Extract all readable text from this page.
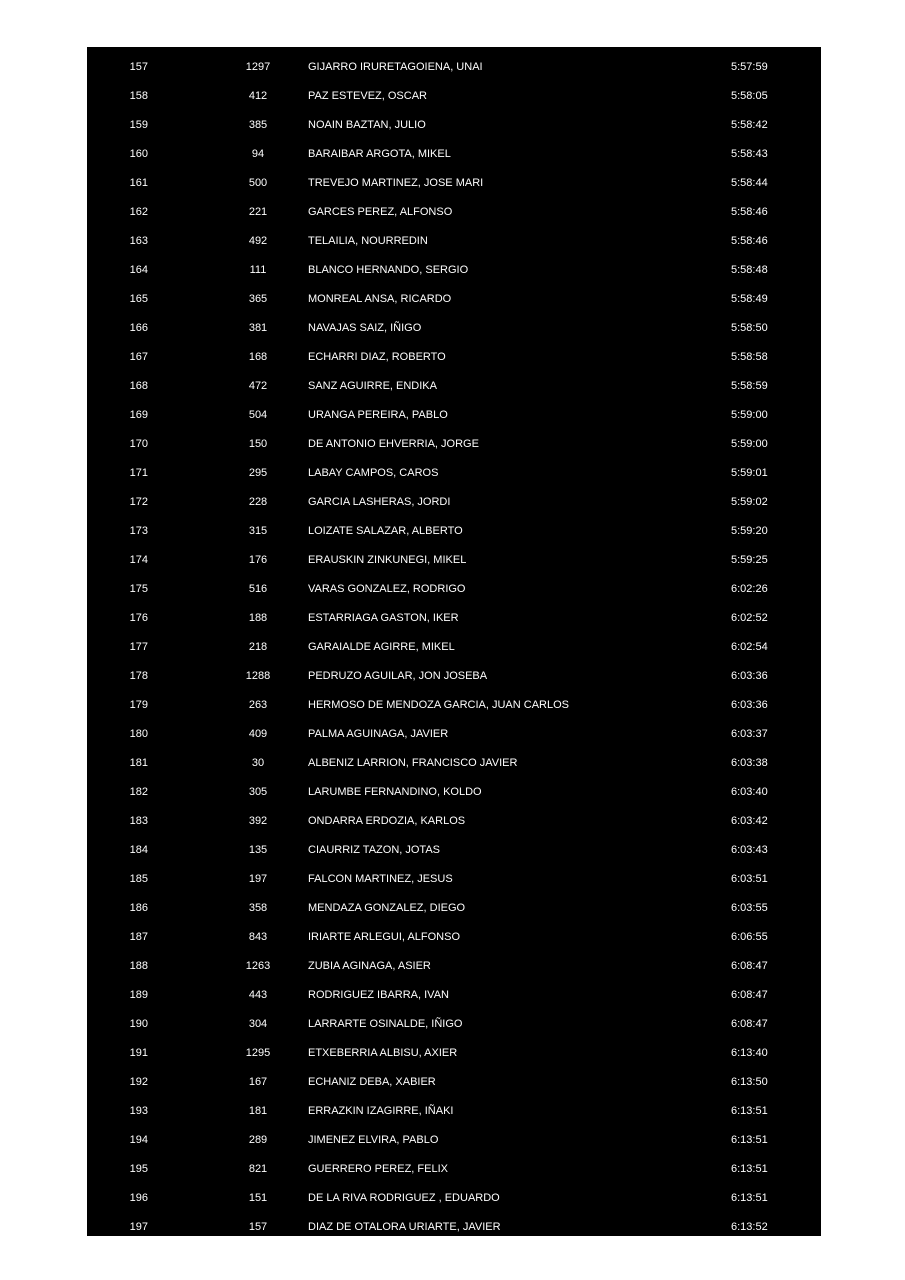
157	1297	GIJARRO IRURETAGOIENA, UNAI	5:57:59
158	412	PAZ ESTEVEZ, OSCAR	5:58:05
159	385	NOAIN BAZTAN, JULIO	5:58:42
160	94	BARAIBAR ARGOTA, MIKEL	5:58:43
161	500	TREVEJO MARTINEZ, JOSE MARI	5:58:44
162	221	GARCES PEREZ, ALFONSO	5:58:46
163	492	TELAILIA, NOURREDIN	5:58:46
164	111	BLANCO HERNANDO, SERGIO	5:58:48
165	365	MONREAL ANSA, RICARDO	5:58:49
166	381	NAVAJAS SAIZ, IÑIGO	5:58:50
167	168	ECHARRI DIAZ, ROBERTO	5:58:58
168	472	SANZ AGUIRRE, ENDIKA	5:58:59
169	504	URANGA PEREIRA, PABLO	5:59:00
170	150	DE ANTONIO EHVERRIA, JORGE	5:59:00
171	295	LABAY CAMPOS, CAROS	5:59:01
172	228	GARCIA LASHERAS, JORDI	5:59:02
173	315	LOIZATE SALAZAR, ALBERTO	5:59:20
174	176	ERAUSKIN ZINKUNEGI, MIKEL	5:59:25
175	516	VARAS GONZALEZ, RODRIGO	6:02:26
176	188	ESTARRIAGA GASTON, IKER	6:02:52
177	218	GARAIALDE AGIRRE, MIKEL	6:02:54
178	1288	PEDRUZO AGUILAR, JON JOSEBA	6:03:36
179	263	HERMOSO DE MENDOZA GARCIA, JUAN CARLOS	6:03:36
180	409	PALMA AGUINAGA, JAVIER	6:03:37
181	30	ALBENIZ LARRION, FRANCISCO JAVIER	6:03:38
182	305	LARUMBE FERNANDINO, KOLDO	6:03:40
183	392	ONDARRA ERDOZIA, KARLOS	6:03:42
184	135	CIAURRIZ TAZON, JOTAS	6:03:43
185	197	FALCON MARTINEZ, JESUS	6:03:51
186	358	MENDAZA GONZALEZ, DIEGO	6:03:55
187	843	IRIARTE ARLEGUI, ALFONSO	6:06:55
188	1263	ZUBIA AGINAGA, ASIER	6:08:47
189	443	RODRIGUEZ IBARRA, IVAN	6:08:47
190	304	LARRARTE OSINALDE, IÑIGO	6:08:47
191	1295	ETXEBERRIA ALBISU, AXIER	6:13:40
192	167	ECHANIZ DEBA, XABIER	6:13:50
193	181	ERRAZKIN IZAGIRRE, IÑAKI	6:13:51
194	289	JIMENEZ ELVIRA, PABLO	6:13:51
195	821	GUERRERO PEREZ, FELIX	6:13:51
196	151	DE LA RIVA RODRIGUEZ , EDUARDO	6:13:51
197	157	DIAZ DE OTALORA URIARTE, JAVIER	6:13:52
